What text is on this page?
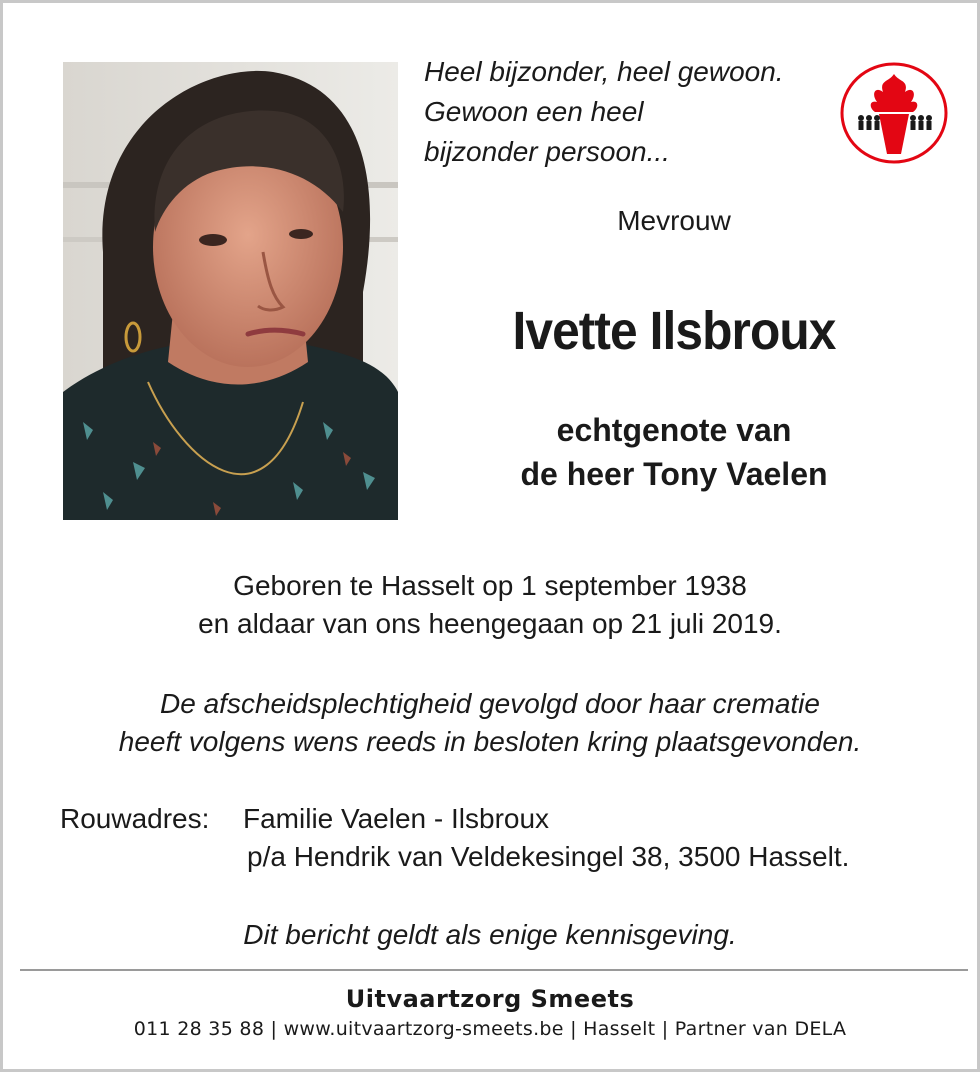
Heel bijzonder, heel gewoon.
Gewoon een heel
bijzonder persoon...
Mevrouw
Ivette Ilsbroux
echtgenote van
de heer Tony Vaelen
Geboren te Hasselt op 1 september 1938
en aldaar van ons heengegaan op 21 juli 2019.
De afscheidsplechtigheid gevolgd door haar crematie
heeft volgens wens reeds in besloten kring plaatsgevonden.
Rouwadres: Familie Vaelen - Ilsbroux
p/a Hendrik van Veldekesingel 38, 3500 Hasselt.
Dit bericht geldt als enige kennisgeving.
Uitvaartzorg Smeets
011 28 35 88 | www.uitvaartzorg-smeets.be | Hasselt | Partner van DELA
